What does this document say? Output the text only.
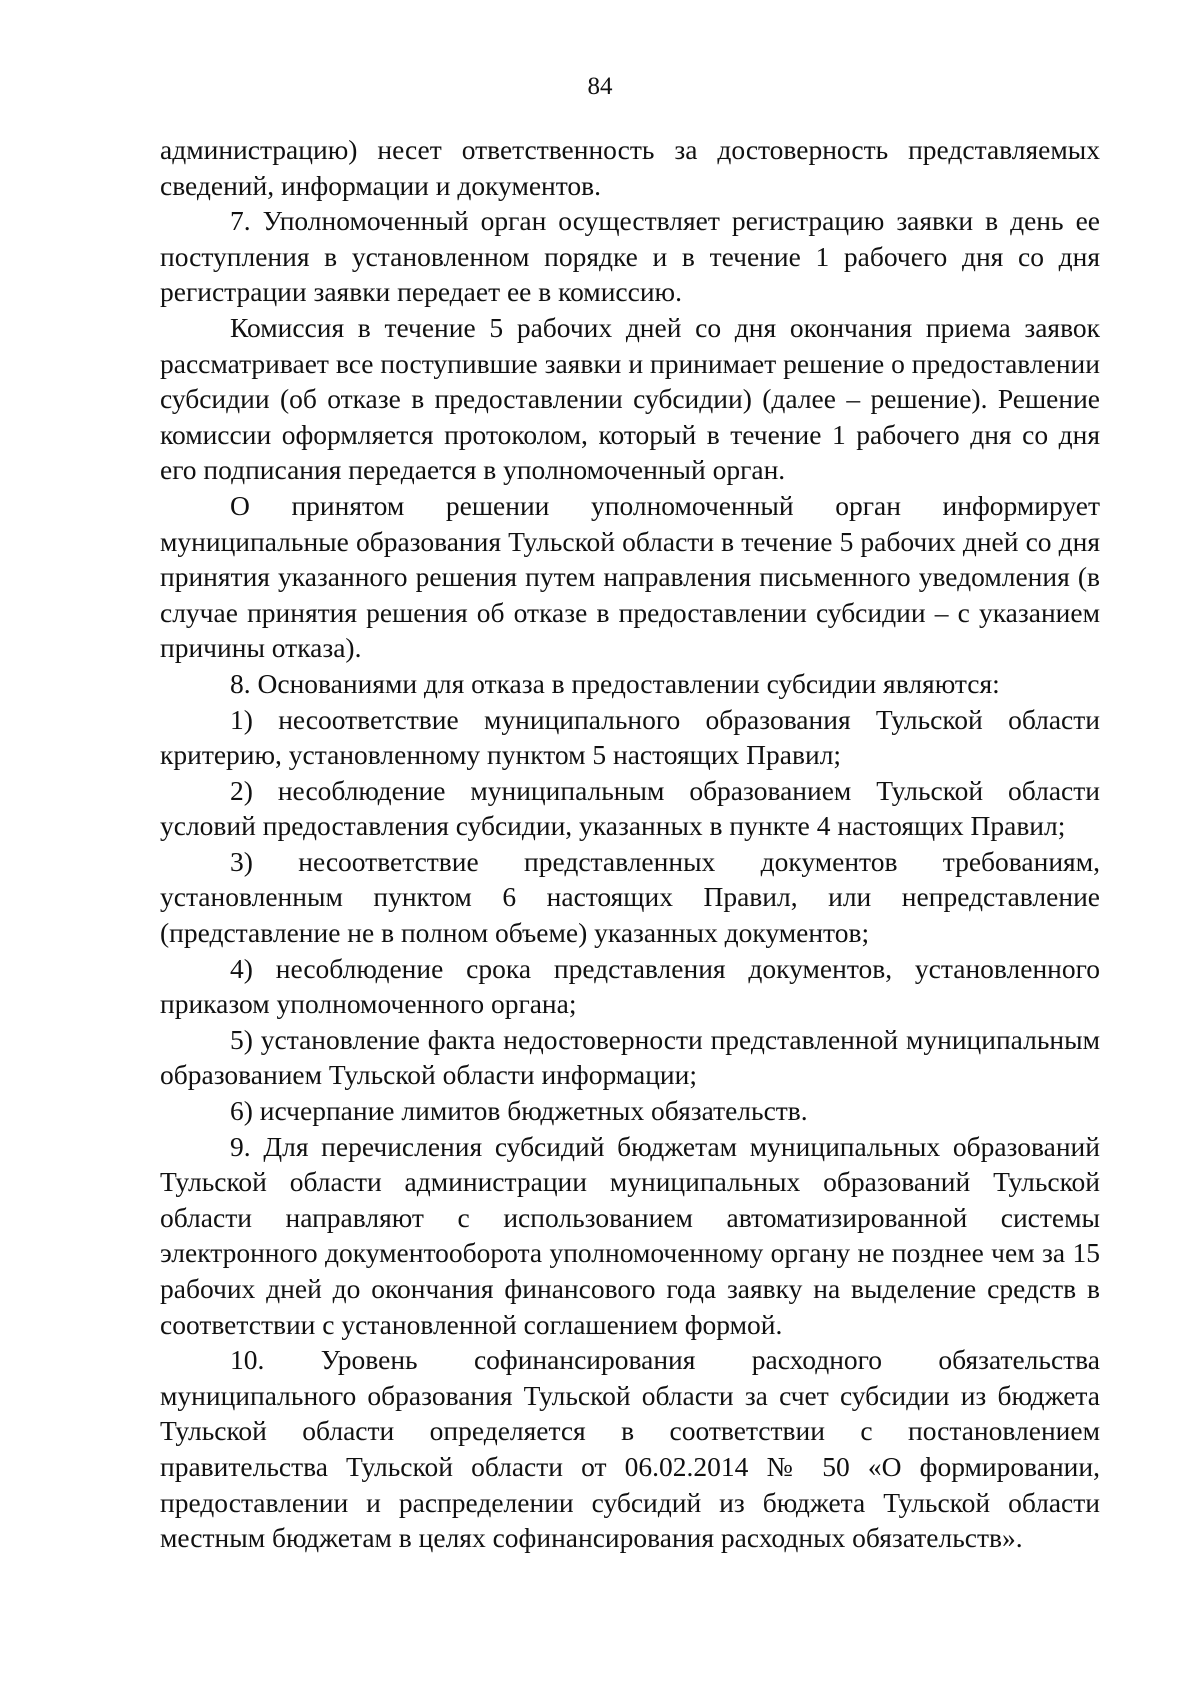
84

администрацию) несет ответственность за достоверность представляемых сведений, информации и документов.

7. Уполномоченный орган осуществляет регистрацию заявки в день ее поступления в установленном порядке и в течение 1 рабочего дня со дня регистрации заявки передает ее в комиссию.

Комиссия в течение 5 рабочих дней со дня окончания приема заявок рассматривает все поступившие заявки и принимает решение о предоставлении субсидии (об отказе в предоставлении субсидии) (далее – решение). Решение комиссии оформляется протоколом, который в течение 1 рабочего дня со дня его подписания передается в уполномоченный орган.

О принятом решении уполномоченный орган информирует муниципальные образования Тульской области в течение 5 рабочих дней со дня принятия указанного решения путем направления письменного уведомления (в случае принятия решения об отказе в предоставлении субсидии – с указанием причины отказа).

8. Основаниями для отказа в предоставлении субсидии являются:

1) несоответствие муниципального образования Тульской области критерию, установленному пунктом 5 настоящих Правил;

2) несоблюдение муниципальным образованием Тульской области условий предоставления субсидии, указанных в пункте 4 настоящих Правил;

3) несоответствие представленных документов требованиям, установленным пунктом 6 настоящих Правил, или непредставление (представление не в полном объеме) указанных документов;

4) несоблюдение срока представления документов, установленного приказом уполномоченного органа;

5) установление факта недостоверности представленной муниципальным образованием Тульской области информации;

6) исчерпание лимитов бюджетных обязательств.

9. Для перечисления субсидий бюджетам муниципальных образований Тульской области администрации муниципальных образований Тульской области направляют с использованием автоматизированной системы электронного документооборота уполномоченному органу не позднее чем за 15 рабочих дней до окончания финансового года заявку на выделение средств в соответствии с установленной соглашением формой.

10. Уровень софинансирования расходного обязательства муниципального образования Тульской области за счет субсидии из бюджета Тульской области определяется в соответствии с постановлением правительства Тульской области от 06.02.2014 № 50 «О формировании, предоставлении и распределении субсидий из бюджета Тульской области местным бюджетам в целях софинансирования расходных обязательств».
